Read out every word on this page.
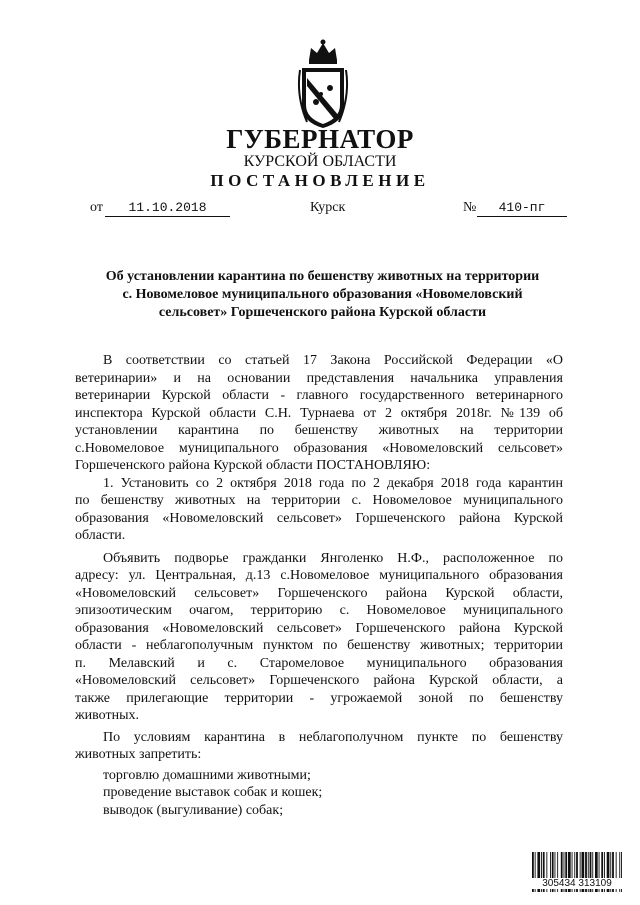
ГУБЕРНАТОР
КУРСКОЙ ОБЛАСТИ
ПОСТАНОВЛЕНИЕ
от	11.10.2018	Курск	№	410-пг
Об установлении карантина по бешенству животных на территории
с. Новомеловое муниципального образования «Новомеловский
сельсовет» Горшеченского района Курской области

В соответствии со статьей 17 Закона Российской Федерации «О
ветеринарии» и на основании представления начальника управления
ветеринарии Курской области - главного государственного ветеринарного
инспектора Курской области С.Н. Турнаева от 2 октября 2018г. №139 об
установлении карантина по бешенству животных на территории
с.Новомеловое муниципального образования «Новомеловский сельсовет»
Горшеченского района Курской области ПОСТАНОВЛЯЮ:

1. Установить со 2 октября 2018 года по 2 декабря 2018 года карантин
по бешенству животных на территории с. Новомеловое муниципального
образования «Новомеловский сельсовет» Горшеченского района Курской
области.

Объявить подворье гражданки Янголенко Н.Ф., расположенное по
адресу: ул. Центральная, д.13 с.Новомеловое муниципального образования
«Новомеловский сельсовет» Горшеченского района Курской области,
эпизоотическим очагом, территорию с. Новомеловое муниципального
образования «Новомеловский сельсовет» Горшеченского района Курской
области - неблагополучным пунктом по бешенству животных; территории
п. Мелавский и с. Старомеловое муниципального образования
«Новомеловский сельсовет» Горшеченского района Курской области, а
также прилегающие территории - угрожаемой зоной по бешенству
животных.

По условиям карантина в неблагополучном пункте по бешенству
животных запретить:

торговлю домашними животными;
проведение выставок собак и кошек;
выводок (выгуливание) собак;

305434 313109
